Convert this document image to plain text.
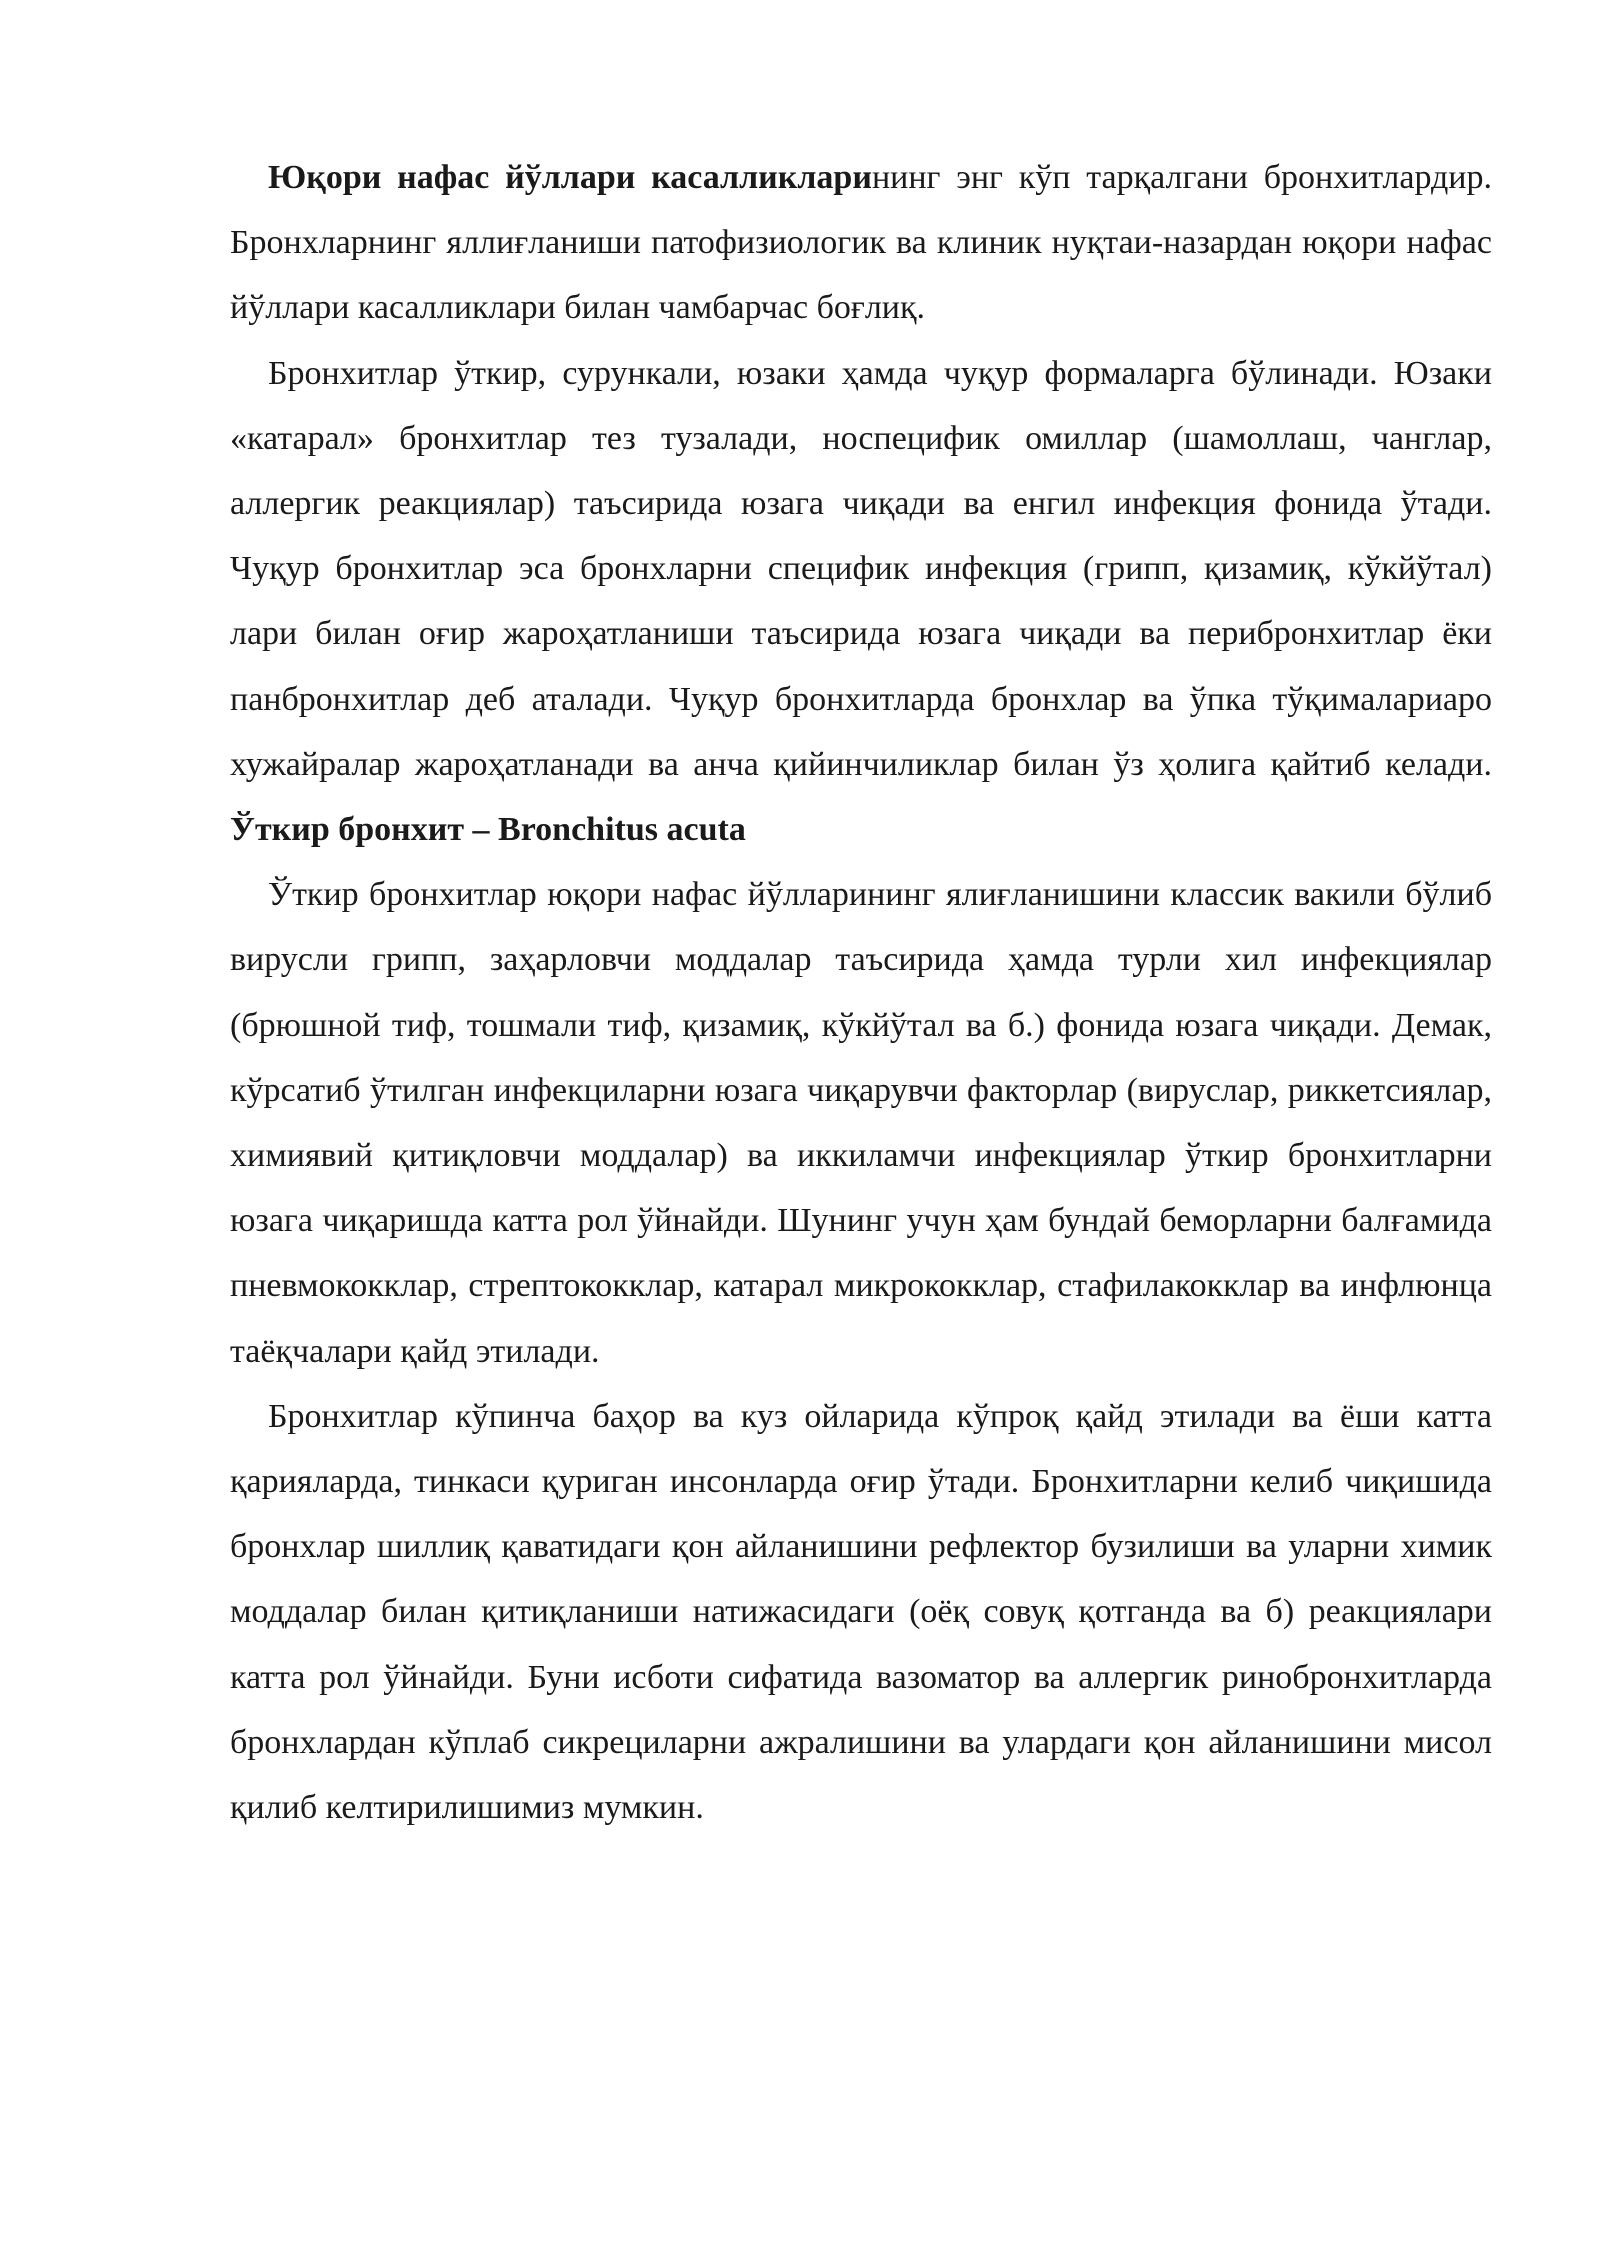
Юқори нафас йўллари касалликларининг энг кўп тарқалгани бронхитлардир. Бронхларнинг яллиғланиши патофизиологик ва клиник нуқтаи-назардан юқори нафас йўллари касалликлари билан чамбарчас боғлиқ.

Бронхитлар ўткир, сурункали, юзаки ҳамда чуқур формаларга бўлинади. Юзаки «катарал» бронхитлар тез тузалади, носпецифик омиллар (шамоллаш, чанглар, аллергик реакциялар) таъсирида юзага чиқади ва енгил инфекция фонида ўтади. Чуқур бронхитлар эса бронхларни специфик инфекция (грипп, қизамиқ, кўкйўтал) лари билан оғир жароҳатланиши таъсирида юзага чиқади ва перибронхитлар ёки панбронхитлар деб аталади. Чуқур бронхитларда бронхлар ва ўпка тўқималариаро хужайралар жароҳатланади ва анча қийинчиликлар билан ўз ҳолига қайтиб келади. Ўткир бронхит – Bronchitus acuta

Ўткир бронхитлар юқори нафас йўлларининг ялиғланишини классик вакили бўлиб вирусли грипп, заҳарловчи моддалар таъсирида ҳамда турли хил инфекциялар (брюшной тиф, тошмали тиф, қизамиқ, кўкйўтал ва б.) фонида юзага чиқади. Демак, кўрсатиб ўтилган инфекциларни юзага чиқарувчи факторлар (вируслар, риккетсиялар, химиявий қитиқловчи моддалар) ва иккиламчи инфекциялар ўткир бронхитларни юзага чиқаришда катта рол ўйнайди. Шунинг учун ҳам бундай беморларни балғамида пневмококклар, стрептококклар, катарал микрококклар, стафилакокклар ва инфлюнца таёқчалари қайд этилади.

Бронхитлар кўпинча баҳор ва куз ойларида кўпроқ қайд этилади ва ёши катта қарияларда, тинкаси қуриган инсонларда оғир ўтади. Бронхитларни келиб чиқишида бронхлар шиллиқ қаватидаги қон айланишини рефлектор бузилиши ва уларни химик моддалар билан қитиқланиши натижасидаги (оёқ совуқ қотганда ва б) реакциялари катта рол ўйнайди. Буни исботи сифатида вазоматор ва аллергик ринобронхитларда бронхлардан кўплаб сикрециларни ажралишини ва улардаги қон айланишини мисол қилиб келтирилишимиз мумкин.
